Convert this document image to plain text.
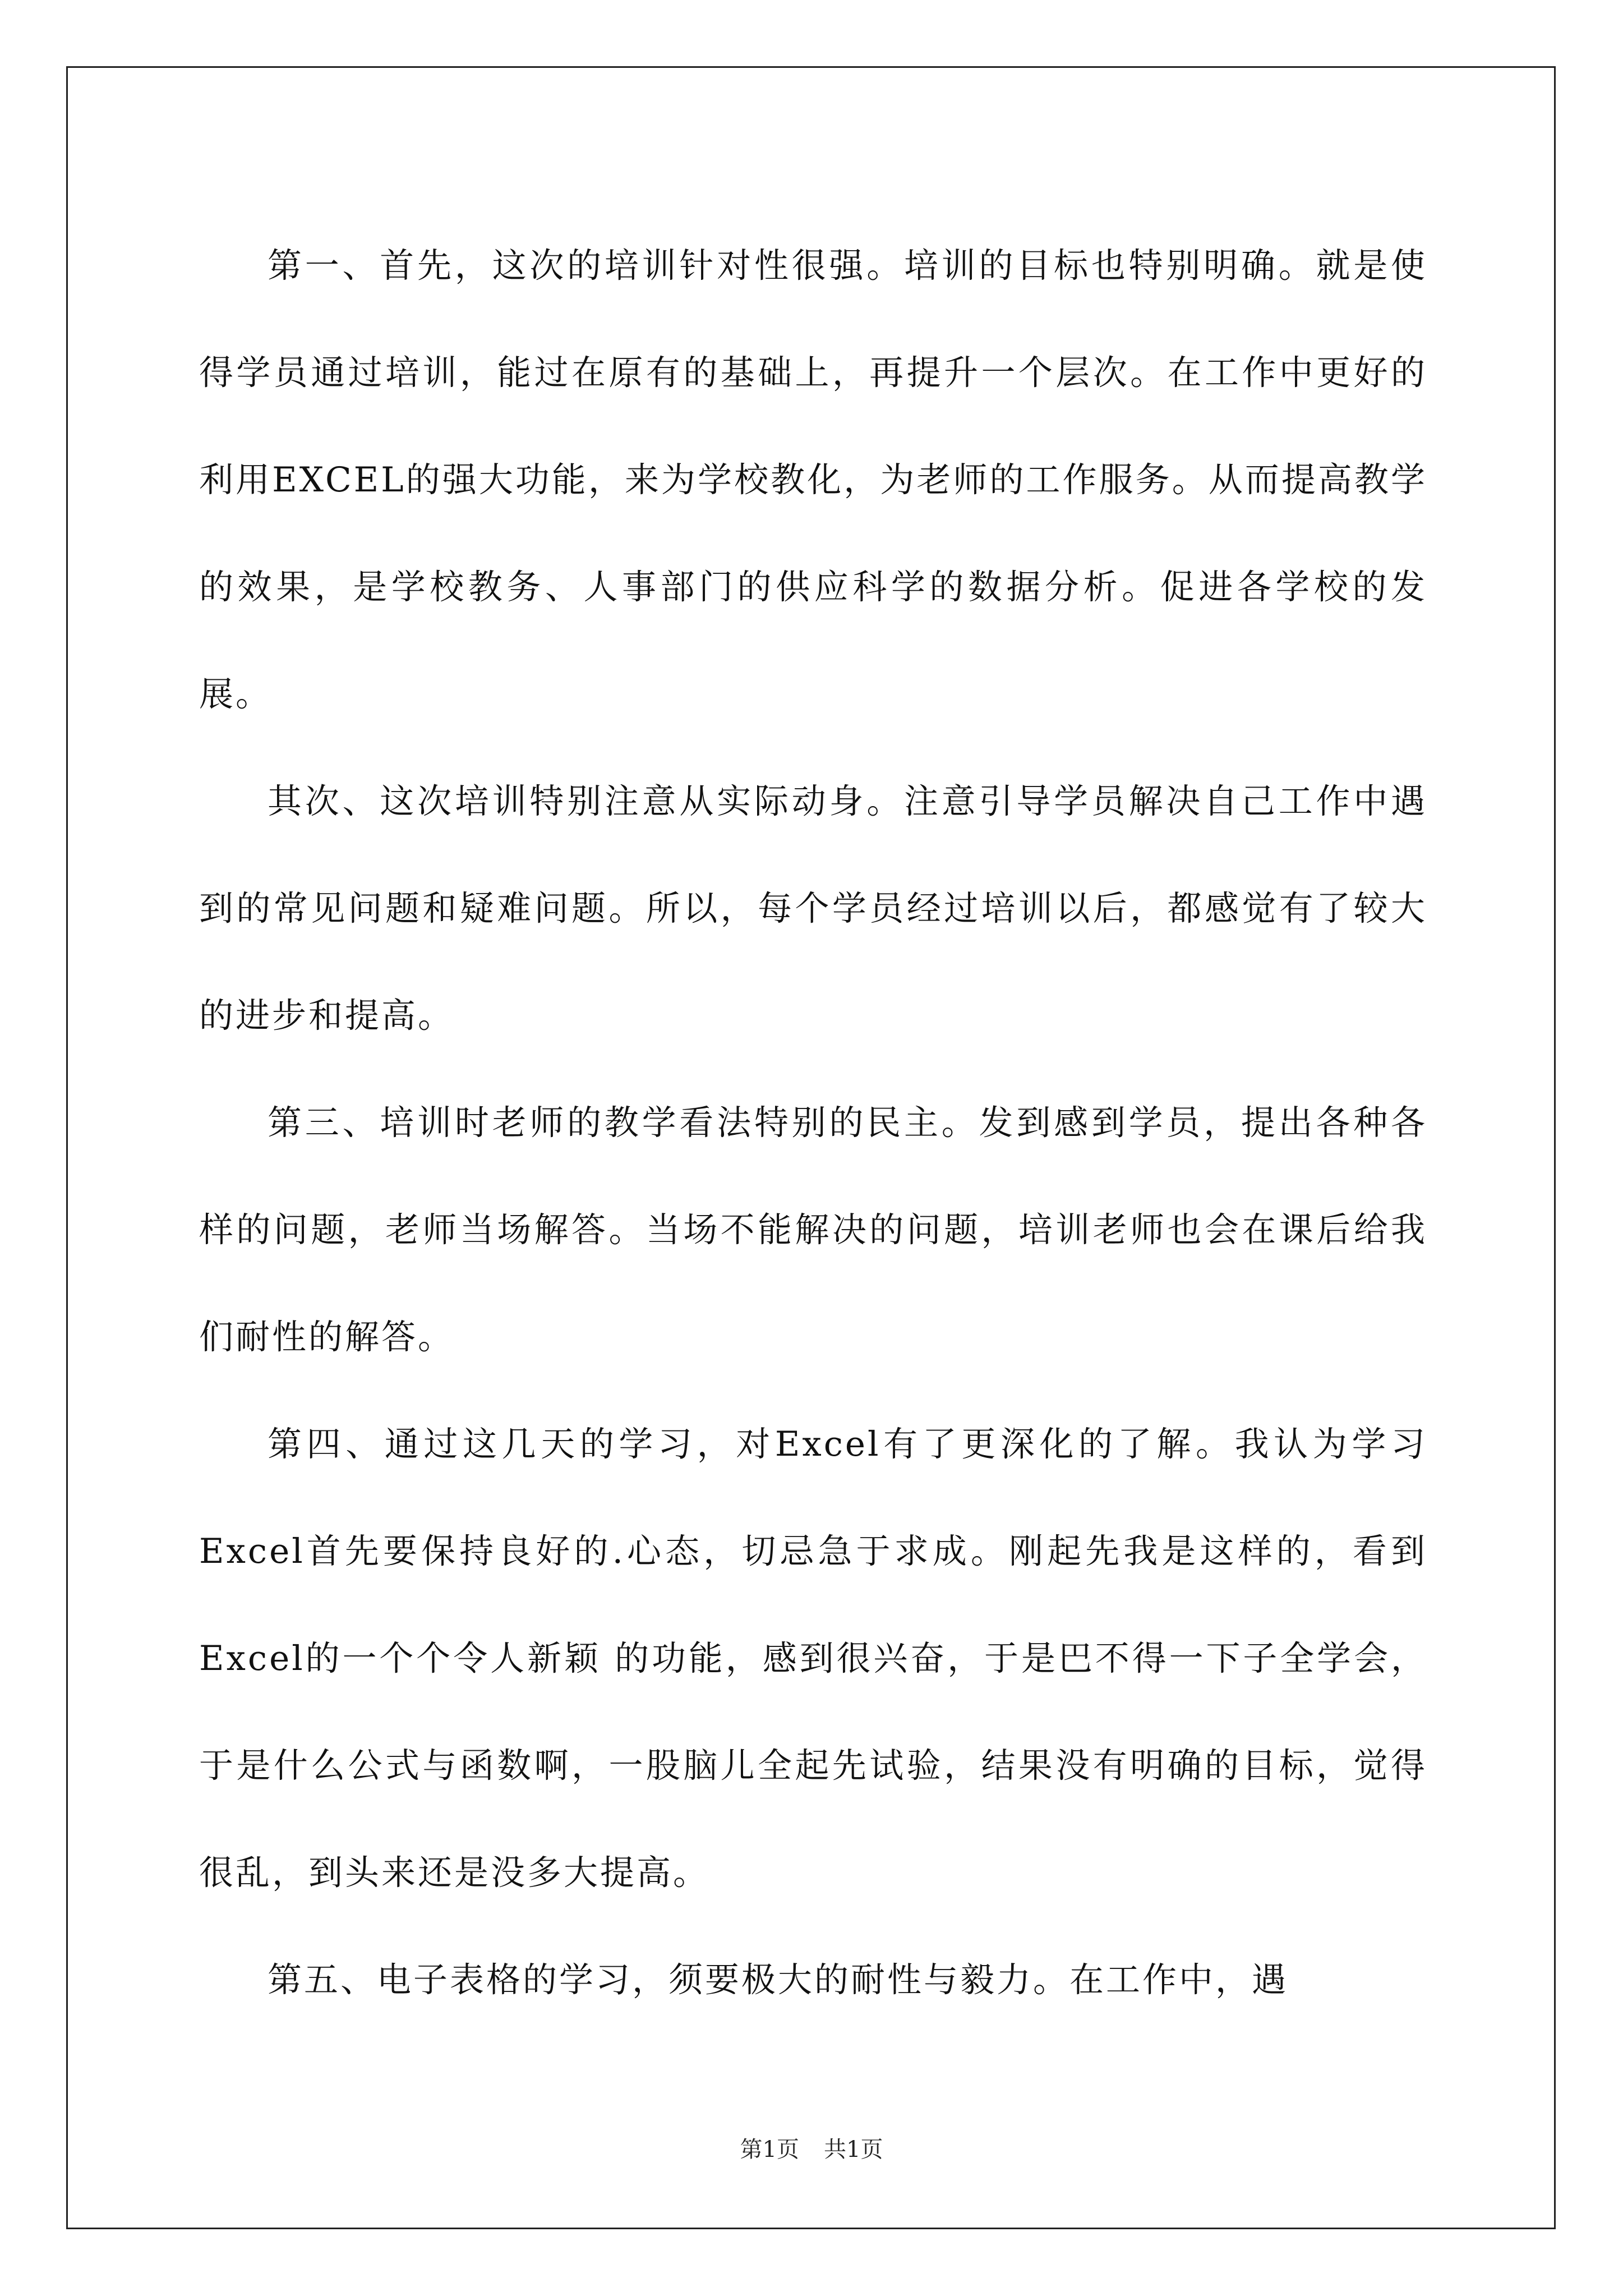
第一、首先，这次的培训针对性很强。培训的目标也特别明确。就是使得学员通过培训，能过在原有的基础上，再提升一个层次。在工作中更好的利用EXCEL的强大功能，来为学校教化，为老师的工作服务。从而提高教学的效果，是学校教务、人事部门的供应科学的数据分析。促进各学校的发展。

其次、这次培训特别注意从实际动身。注意引导学员解决自己工作中遇到的常见问题和疑难问题。所以，每个学员经过培训以后，都感觉有了较大的进步和提高。

第三、培训时老师的教学看法特别的民主。发到感到学员，提出各种各样的问题，老师当场解答。当场不能解决的问题，培训老师也会在课后给我们耐性的解答。

第四、通过这几天的学习，对Excel有了更深化的了解。我认为学习Excel首先要保持良好的.心态，切忌急于求成。刚起先我是这样的，看到Excel的一个个令人新颖 的功能，感到很兴奋，于是巴不得一下子全学会，于是什么公式与函数啊，一股脑儿全起先试验，结果没有明确的目标，觉得很乱，到头来还是没多大提高。

第五、电子表格的学习，须要极大的耐性与毅力。在工作中，遇

第1页 共1页
